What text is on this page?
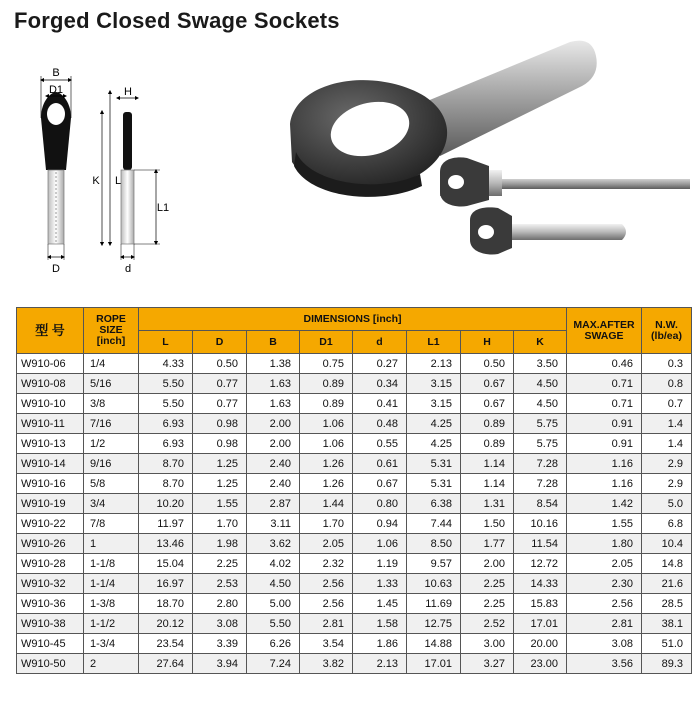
Forged Closed Swage Sockets
B
D1	H
K L
L1
D	d
型 号	ROPE SIZE [inch]	DIMENSIONS [inch]								MAX.AFTER SWAGE	N.W. (lb/ea)
		L	D	B	D1	d	L1	H	K		
W910-06	1/4	4.33	0.50	1.38	0.75	0.27	2.13	0.50	3.50	0.46	0.3
W910-08	5/16	5.50	0.77	1.63	0.89	0.34	3.15	0.67	4.50	0.71	0.8
W910-10	3/8	5.50	0.77	1.63	0.89	0.41	3.15	0.67	4.50	0.71	0.7
W910-11	7/16	6.93	0.98	2.00	1.06	0.48	4.25	0.89	5.75	0.91	1.4
W910-13	1/2	6.93	0.98	2.00	1.06	0.55	4.25	0.89	5.75	0.91	1.4
W910-14	9/16	8.70	1.25	2.40	1.26	0.61	5.31	1.14	7.28	1.16	2.9
W910-16	5/8	8.70	1.25	2.40	1.26	0.67	5.31	1.14	7.28	1.16	2.9
W910-19	3/4	10.20	1.55	2.87	1.44	0.80	6.38	1.31	8.54	1.42	5.0
W910-22	7/8	11.97	1.70	3.11	1.70	0.94	7.44	1.50	10.16	1.55	6.8
W910-26	1	13.46	1.98	3.62	2.05	1.06	8.50	1.77	11.54	1.80	10.4
W910-28	1-1/8	15.04	2.25	4.02	2.32	1.19	9.57	2.00	12.72	2.05	14.8
W910-32	1-1/4	16.97	2.53	4.50	2.56	1.33	10.63	2.25	14.33	2.30	21.6
W910-36	1-3/8	18.70	2.80	5.00	2.56	1.45	11.69	2.25	15.83	2.56	28.5
W910-38	1-1/2	20.12	3.08	5.50	2.81	1.58	12.75	2.52	17.01	2.81	38.1
W910-45	1-3/4	23.54	3.39	6.26	3.54	1.86	14.88	3.00	20.00	3.08	51.0
W910-50	2	27.64	3.94	7.24	3.82	2.13	17.01	3.27	23.00	3.56	89.3
